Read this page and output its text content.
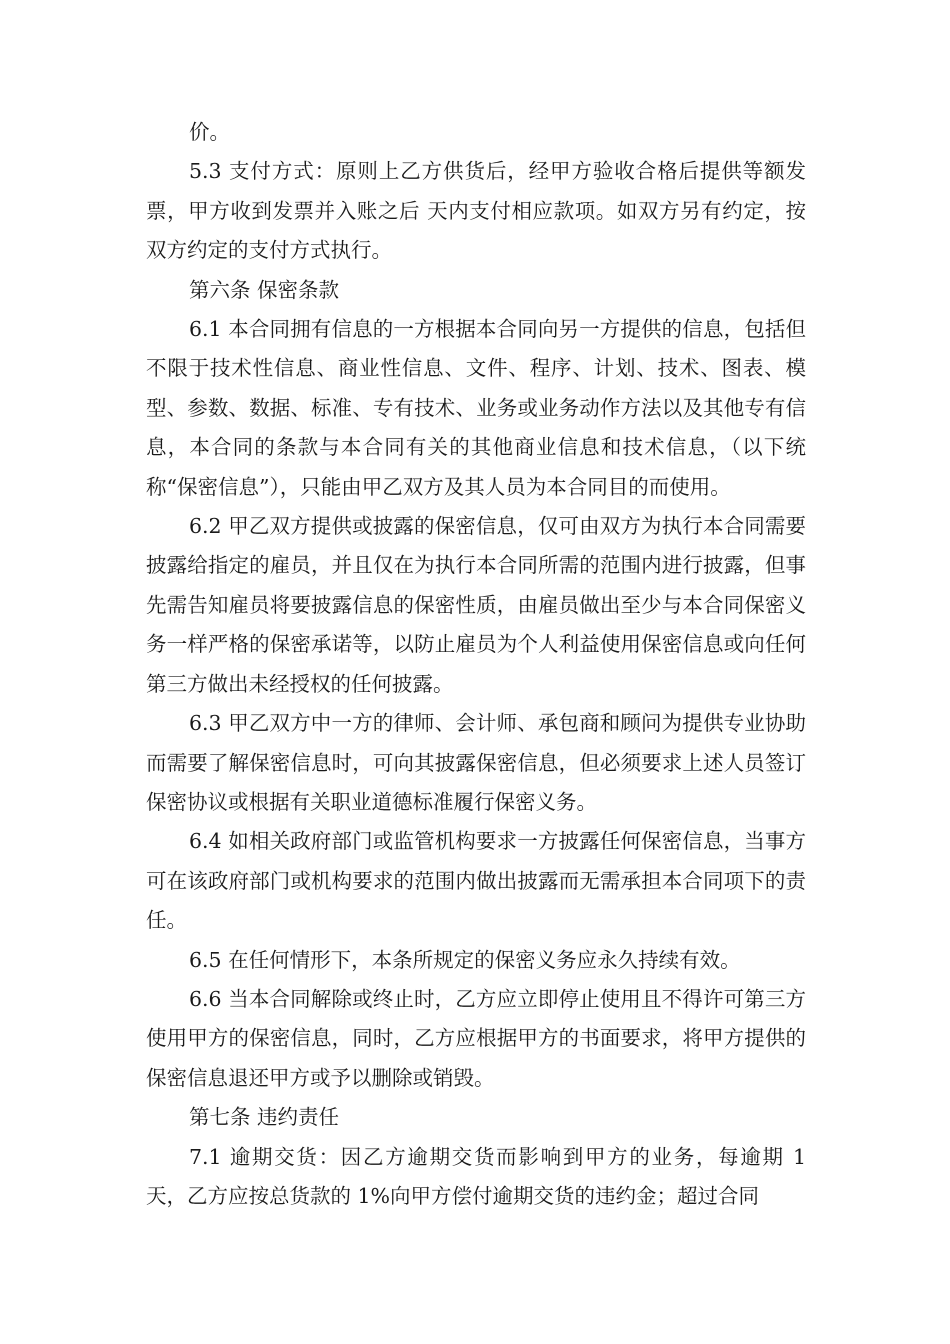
价。

5.3 支付方式：原则上乙方供货后，经甲方验收合格后提供等额发票，甲方收到发票并入账之后 天内支付相应款项。如双方另有约定，按双方约定的支付方式执行。

第六条 保密条款

6.1 本合同拥有信息的一方根据本合同向另一方提供的信息，包括但不限于技术性信息、商业性信息、文件、程序、计划、技术、图表、模型、参数、数据、标准、专有技术、业务或业务动作方法以及其他专有信息，本合同的条款与本合同有关的其他商业信息和技术信息，（以下统称“保密信息”），只能由甲乙双方及其人员为本合同目的而使用。

6.2 甲乙双方提供或披露的保密信息，仅可由双方为执行本合同需要披露给指定的雇员，并且仅在为执行本合同所需的范围内进行披露，但事先需告知雇员将要披露信息的保密性质，由雇员做出至少与本合同保密义务一样严格的保密承诺等，以防止雇员为个人利益使用保密信息或向任何第三方做出未经授权的任何披露。

6.3 甲乙双方中一方的律师、会计师、承包商和顾问为提供专业协助而需要了解保密信息时，可向其披露保密信息，但必须要求上述人员签订保密协议或根据有关职业道德标准履行保密义务。

6.4 如相关政府部门或监管机构要求一方披露任何保密信息，当事方可在该政府部门或机构要求的范围内做出披露而无需承担本合同项下的责任。

6.5 在任何情形下，本条所规定的保密义务应永久持续有效。

6.6 当本合同解除或终止时，乙方应立即停止使用且不得许可第三方使用甲方的保密信息，同时，乙方应根据甲方的书面要求，将甲方提供的保密信息退还甲方或予以删除或销毁。

第七条 违约责任

7.1 逾期交货：因乙方逾期交货而影响到甲方的业务，每逾期 1 天，乙方应按总货款的 1%向甲方偿付逾期交货的违约金；超过合同
